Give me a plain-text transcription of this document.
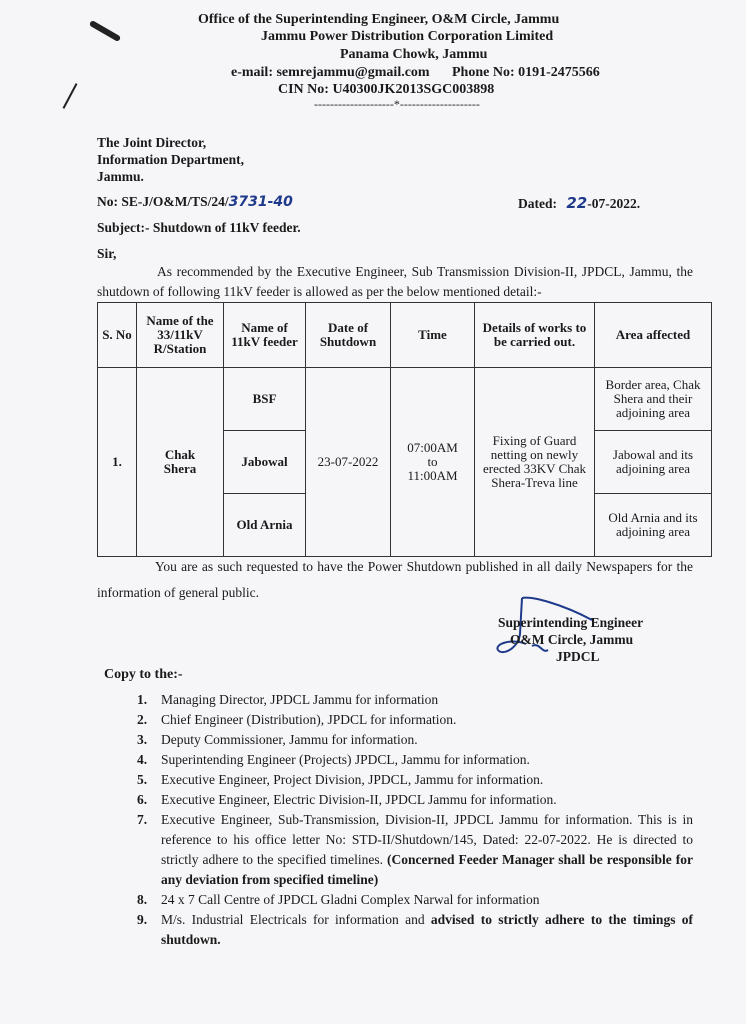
Office of the Superintending Engineer, O&M Circle, Jammu
Jammu Power Distribution Corporation Limited
Panama Chowk, Jammu
e-mail: semrejammu@gmail.com Phone No: 0191-2475566
CIN No: U40300JK2013SGC003898
--------------------*--------------------
The Joint Director,
Information Department,
Jammu.
No: SE-J/O&M/TS/24/3731-40	Dated: 22-07-2022.
Subject:- Shutdown of 11kV feeder.
Sir,
As recommended by the Executive Engineer, Sub Transmission Division-II, JPDCL, Jammu, the shutdown of following 11kV feeder is allowed as per the below mentioned detail:-
S. No	Name of the 33/11kV R/Station	Name of 11kV feeder	Date of Shutdown	Time	Details of works to be carried out.	Area affected
1.	Chak Shera	BSF	23-07-2022	07:00AM to 11:00AM	Fixing of Guard netting on newly erected 33KV Chak Shera-Treva line	Border area, Chak Shera and their adjoining area
		Jabowal				Jabowal and its adjoining area
		Old Arnia				Old Arnia and its adjoining area
You are as such requested to have the Power Shutdown published in all daily Newspapers for the information of general public.
Superintending Engineer
O&M Circle, Jammu
JPDCL
Copy to the:-
1. Managing Director, JPDCL Jammu for information
2. Chief Engineer (Distribution), JPDCL for information.
3. Deputy Commissioner, Jammu for information.
4. Superintending Engineer (Projects) JPDCL, Jammu for information.
5. Executive Engineer, Project Division, JPDCL, Jammu for information.
6. Executive Engineer, Electric Division-II, JPDCL Jammu for information.
7. Executive Engineer, Sub-Transmission, Division-II, JPDCL Jammu for information. This is in reference to his office letter No: STD-II/Shutdown/145, Dated: 22-07-2022. He is directed to strictly adhere to the specified timelines. (Concerned Feeder Manager shall be responsible for any deviation from specified timeline)
8. 24 x 7 Call Centre of JPDCL Gladni Complex Narwal for information
9. M/s. Industrial Electricals for information and advised to strictly adhere to the timings of shutdown.
